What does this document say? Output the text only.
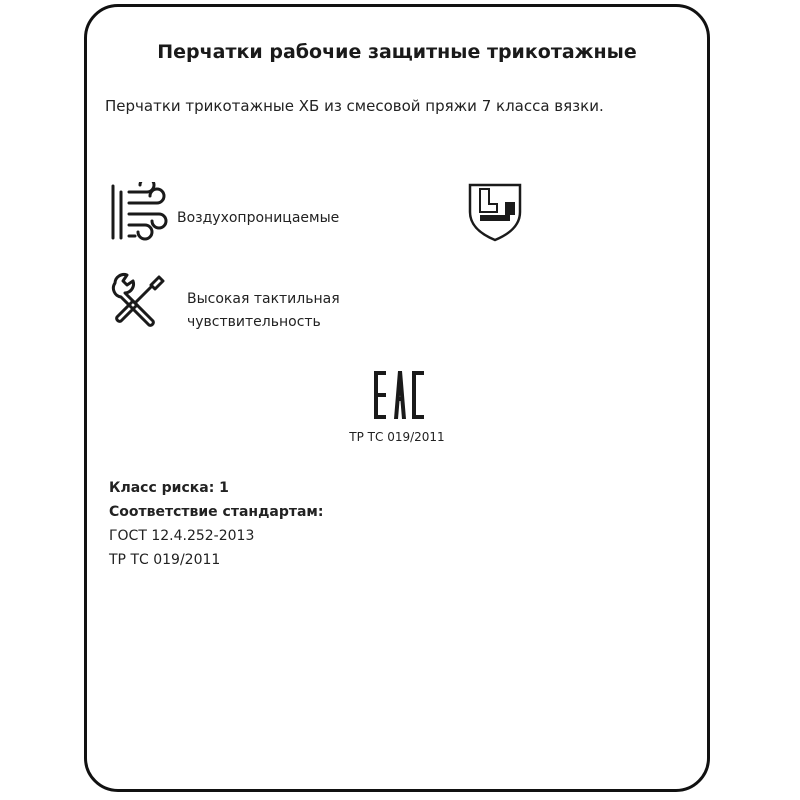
Перчатки рабочие защитные трикотажные
Перчатки трикотажные ХБ из смесовой пряжи 7 класса вязки.
Воздухопроницаемые
Высокая тактильная
чувствительность
ТР ТС 019/2011
Класс риска: 1
Соответствие стандартам:
ГОСТ 12.4.252-2013
ТР ТС 019/2011
